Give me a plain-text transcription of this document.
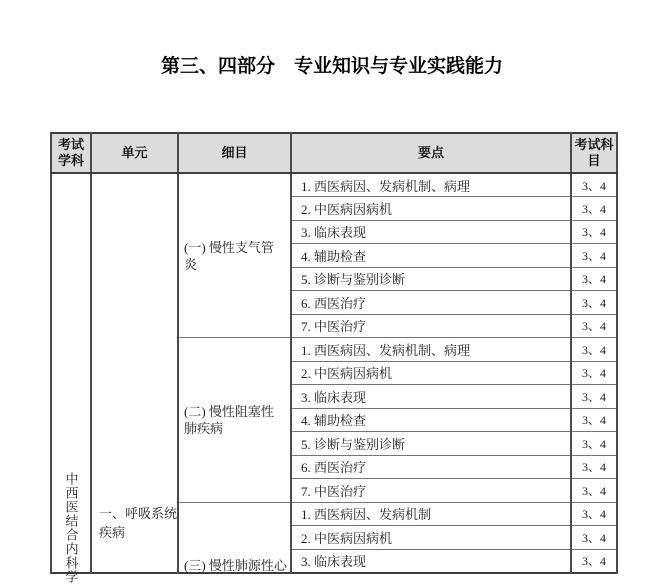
第三、四部分　专业知识与专业实践能力
考试学科	单元	细目	要点	考试科目

中西医结合内科学	一、呼吸系统疾病	(一) 慢性支气管炎	1. 西医病因、发病机制、病理	3、4
			2. 中医病因病机	3、4
			3. 临床表现	3、4
			4. 辅助检查	3、4
			5. 诊断与鉴别诊断	3、4
			6. 西医治疗	3、4
			7. 中医治疗	3、4

		(二) 慢性阻塞性肺疾病	1. 西医病因、发病机制、病理	3、4
			2. 中医病因病机	3、4
			3. 临床表现	3、4
			4. 辅助检查	3、4
			5. 诊断与鉴别诊断	3、4
			6. 西医治疗	3、4
			7. 中医治疗	3、4

		(三) 慢性肺源性心	1. 西医病因、发病机制	3、4
			2. 中医病因病机	3、4
			3. 临床表现	3、4
